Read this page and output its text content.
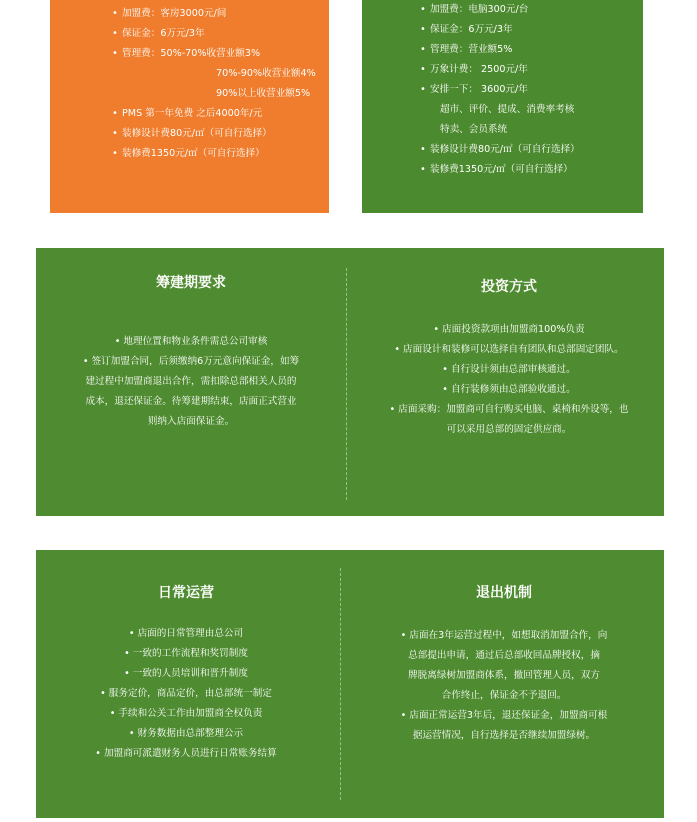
• 加盟费：客房3000元/间
• 保证金：6万元/3年
• 管理费：50%-70%收营业额3%
70%-90%收营业额4%
90%以上收营业额5%
• PMS 第一年免费 之后4000年/元
• 装修设计费80元/㎡（可自行选择）
• 装修费1350元/㎡（可自行选择）
• 加盟费：电脑300元/台
• 保证金：6万元/3年
• 管理费：营业额5%
• 万象计费： 2500元/年
• 安排一下： 3600元/年
超市、评价、提成、消费率考核
特卖、会员系统
• 装修设计费80元/㎡（可自行选择）
• 装修费1350元/㎡（可自行选择）
筹建期要求
• 地理位置和物业条件需总公司审核
• 签订加盟合同，后须缴纳6万元意向保证金，如筹
建过程中加盟商退出合作，需扣除总部相关人员的
成本，退还保证金。待筹建期结束，店面正式营业
则纳入店面保证金。
投资方式
• 店面投资款项由加盟商100%负责
• 店面设计和装修可以选择自有团队和总部固定团队。
• 自行设计须由总部审核通过。
• 自行装修须由总部验收通过。
• 店面采购：加盟商可自行购买电脑、桌椅和外设等，也
可以采用总部的固定供应商。
日常运营
• 店面的日常管理由总公司
• 一致的工作流程和奖罚制度
• 一致的人员培训和晋升制度
• 服务定价，商品定价，由总部统一制定
• 手续和公关工作由加盟商全权负责
• 财务数据由总部整理公示
• 加盟商可派遣财务人员进行日常账务结算
退出机制
• 店面在3年运营过程中，如想取消加盟合作，向
总部提出申请，通过后总部收回品牌授权，摘
牌脱离绿树加盟商体系，撤回管理人员，双方
合作终止，保证金不予退回。
• 店面正常运营3年后，退还保证金，加盟商可根
据运营情况，自行选择是否继续加盟绿树。
